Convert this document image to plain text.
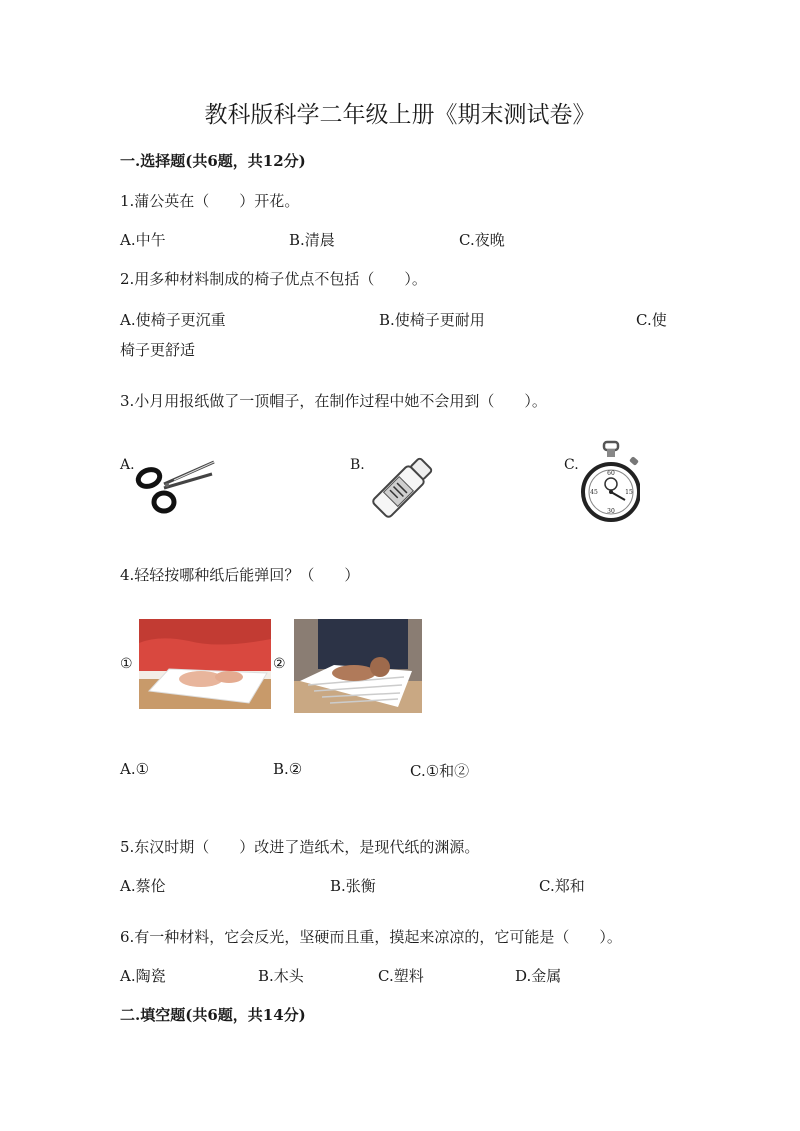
教科版科学二年级上册《期末测试卷》
一.选择题(共6题，共12分)
1.蒲公英在（　　）开花。
A.中午	B.清晨	C.夜晚
2.用多种材料制成的椅子优点不包括（　　）。
A.使椅子更沉重	B.使椅子更耐用	C.使
椅子更舒适
3.小月用报纸做了一顶帽子，在制作过程中她不会用到（　　）。
A.	B.	C.
60
15
30
45
4.轻轻按哪种纸后能弹回？（　　）
①	②
A.①	B.②	C.①和②
5.东汉时期（　　）改进了造纸术，是现代纸的渊源。
A.蔡伦	B.张衡	C.郑和
6.有一种材料，它会反光，坚硬而且重，摸起来凉凉的，它可能是（　　）。
A.陶瓷	B.木头	C.塑料	D.金属
二.填空题(共6题，共14分)
